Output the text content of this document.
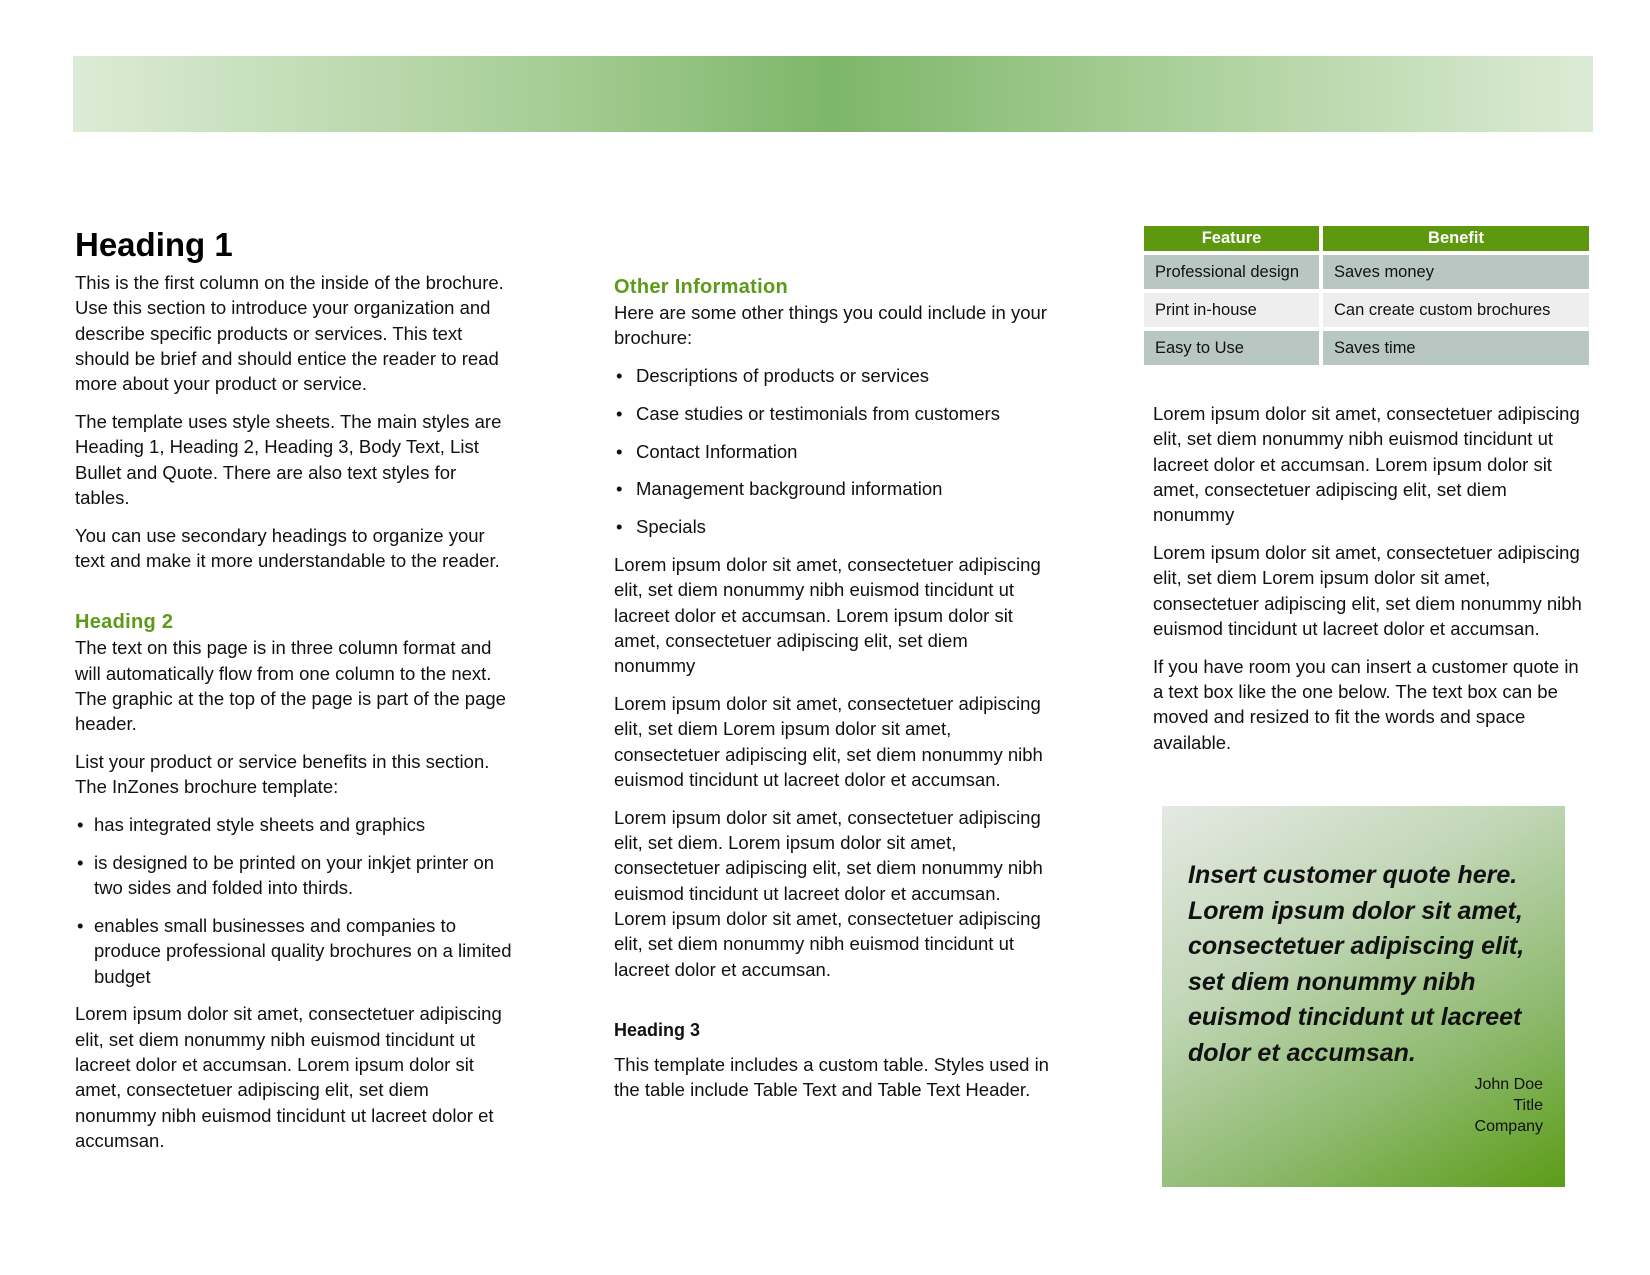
Heading 1

This is the first column on the inside of the brochure. Use this section to introduce your organization and describe specific products or services. This text should be brief and should entice the reader to read more about your product or service.

The template uses style sheets. The main styles are Heading 1, Heading 2, Heading 3, Body Text, List Bullet and Quote. There are also text styles for tables.

You can use secondary headings to organize your text and make it more understandable to the reader.

Heading 2

The text on this page is in three column format and will automatically flow from one column to the next. The graphic at the top of the page is part of the page header.

List your product or service benefits in this section. The InZones brochure template:

• has integrated style sheets and graphics
• is designed to be printed on your inkjet printer on two sides and folded into thirds.
• enables small businesses and companies to produce professional quality brochures on a limited budget

Lorem ipsum dolor sit amet, consectetuer adipiscing elit, set diem nonummy nibh euismod tincidunt ut lacreet dolor et accumsan. Lorem ipsum dolor sit amet, consectetuer adipiscing elit, set diem nonummy nibh euismod tincidunt ut lacreet dolor et accumsan.

Other Information

Here are some other things you could include in your brochure:

• Descriptions of products or services
• Case studies or testimonials from customers
• Contact Information
• Management background information
• Specials

Lorem ipsum dolor sit amet, consectetuer adipiscing elit, set diem nonummy nibh euismod tincidunt ut lacreet dolor et accumsan. Lorem ipsum dolor sit amet, consectetuer adipiscing elit, set diem nonummy

Lorem ipsum dolor sit amet, consectetuer adipiscing elit, set diem Lorem ipsum dolor sit amet, consectetuer adipiscing elit, set diem nonummy nibh euismod tincidunt ut lacreet dolor et accumsan.

Lorem ipsum dolor sit amet, consectetuer adipiscing elit, set diem. Lorem ipsum dolor sit amet, consectetuer adipiscing elit, set diem nonummy nibh euismod tincidunt ut lacreet dolor et accumsan. Lorem ipsum dolor sit amet, consectetuer adipiscing elit, set diem nonummy nibh euismod tincidunt ut lacreet dolor et accumsan.

Heading 3

This template includes a custom table. Styles used in the table include Table Text and Table Text Header.

Feature	Benefit
Professional design	Saves money
Print in-house	Can create custom brochures
Easy to Use	Saves time

Lorem ipsum dolor sit amet, consectetuer adipiscing elit, set diem nonummy nibh euismod tincidunt ut lacreet dolor et accumsan. Lorem ipsum dolor sit amet, consectetuer adipiscing elit, set diem nonummy

Lorem ipsum dolor sit amet, consectetuer adipiscing elit, set diem Lorem ipsum dolor sit amet, consectetuer adipiscing elit, set diem nonummy nibh euismod tincidunt ut lacreet dolor et accumsan.

If you have room you can insert a customer quote in a text box like the one below. The text box can be moved and resized to fit the words and space available.

Insert customer quote here. Lorem ipsum dolor sit amet, consectetuer adipiscing elit, set diem nonummy nibh euismod tincidunt ut lacreet dolor et accumsan.

John Doe
Title
Company
